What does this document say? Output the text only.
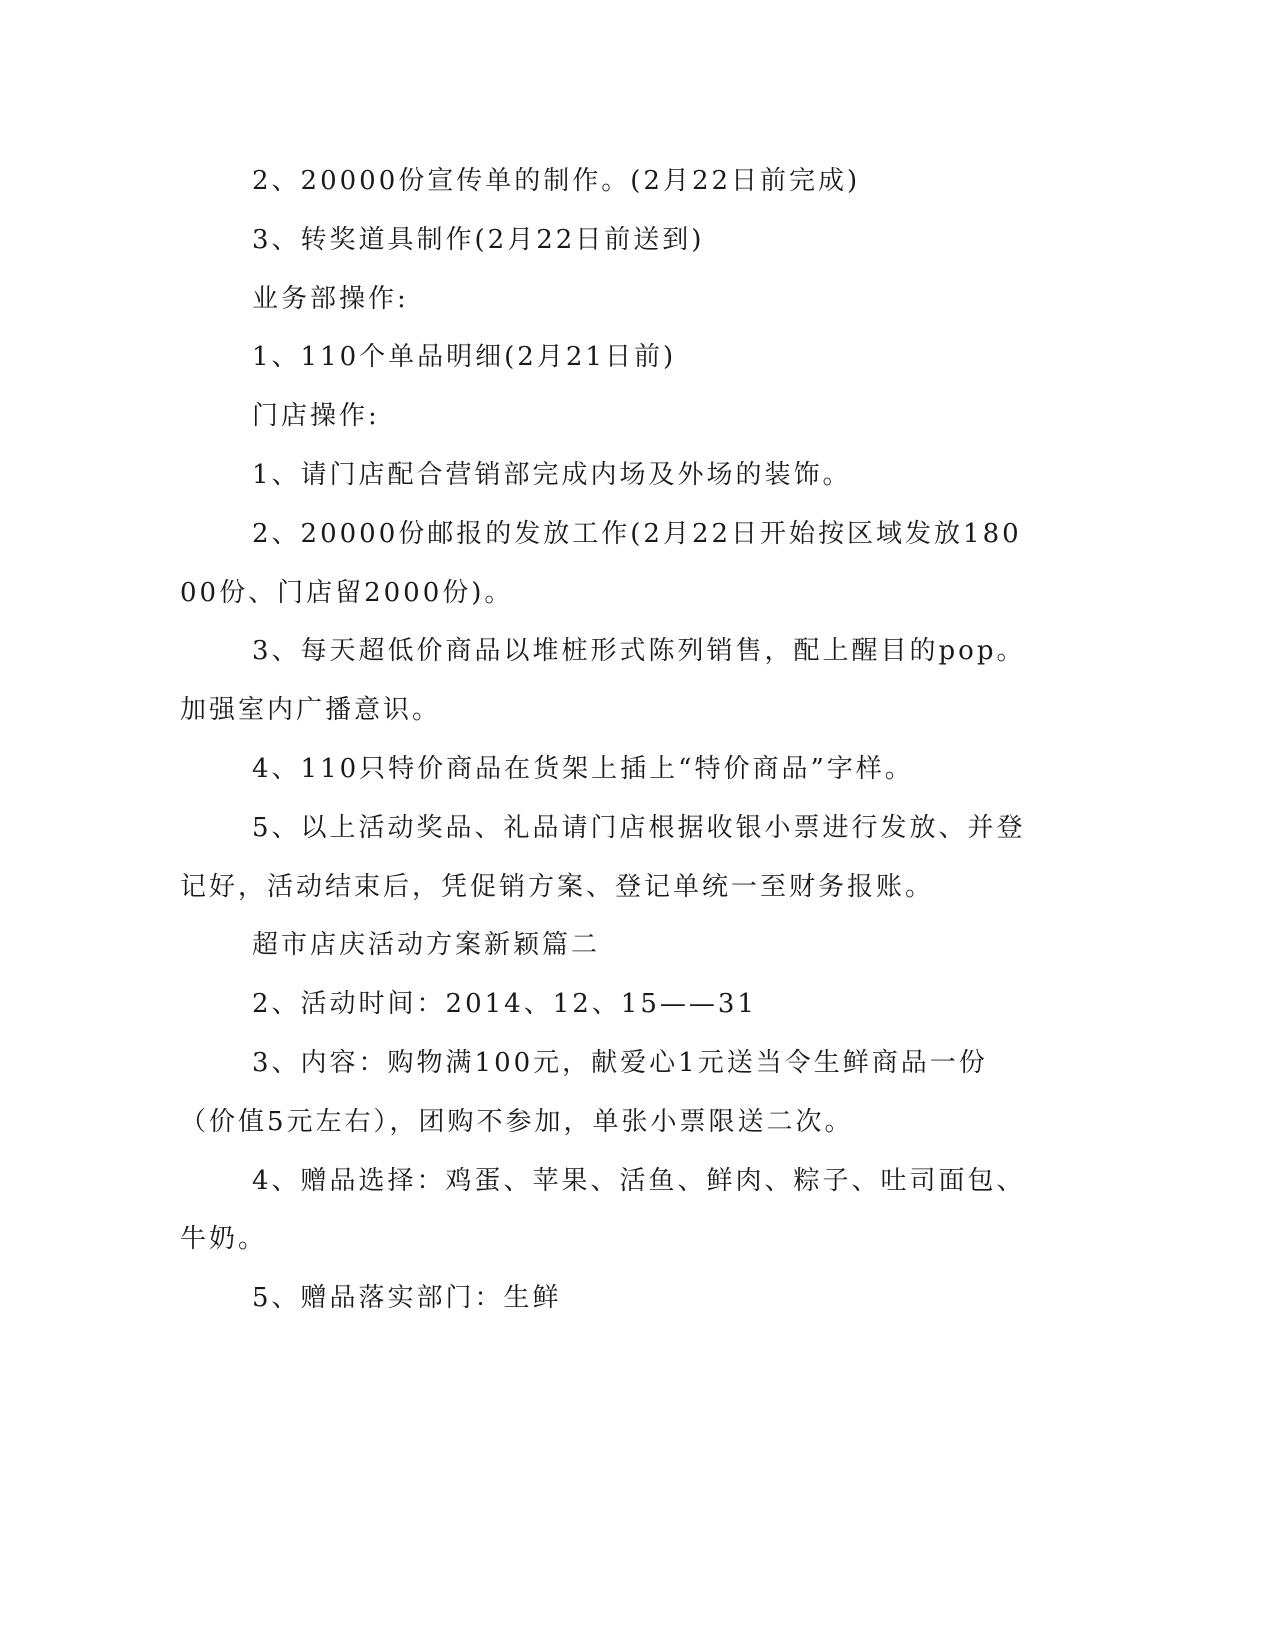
2、20000份宣传单的制作。(2月22日前完成)

3、转奖道具制作(2月22日前送到)

业务部操作:

1、110个单品明细(2月21日前)

门店操作:

1、请门店配合营销部完成内场及外场的装饰。

2、20000份邮报的发放工作(2月22日开始按区域发放18000份、门店留2000份)。

3、每天超低价商品以堆桩形式陈列销售，配上醒目的pop。加强室内广播意识。

4、110只特价商品在货架上插上“特价商品”字样。

5、以上活动奖品、礼品请门店根据收银小票进行发放、并登记好，活动结束后，凭促销方案、登记单统一至财务报账。

超市店庆活动方案新颖篇二

2、活动时间：2014、12、15——31

3、内容：购物满100元，献爱心1元送当令生鲜商品一份（价值5元左右），团购不参加，单张小票限送二次。

4、赠品选择：鸡蛋、苹果、活鱼、鲜肉、粽子、吐司面包、牛奶。

5、赠品落实部门：生鲜
